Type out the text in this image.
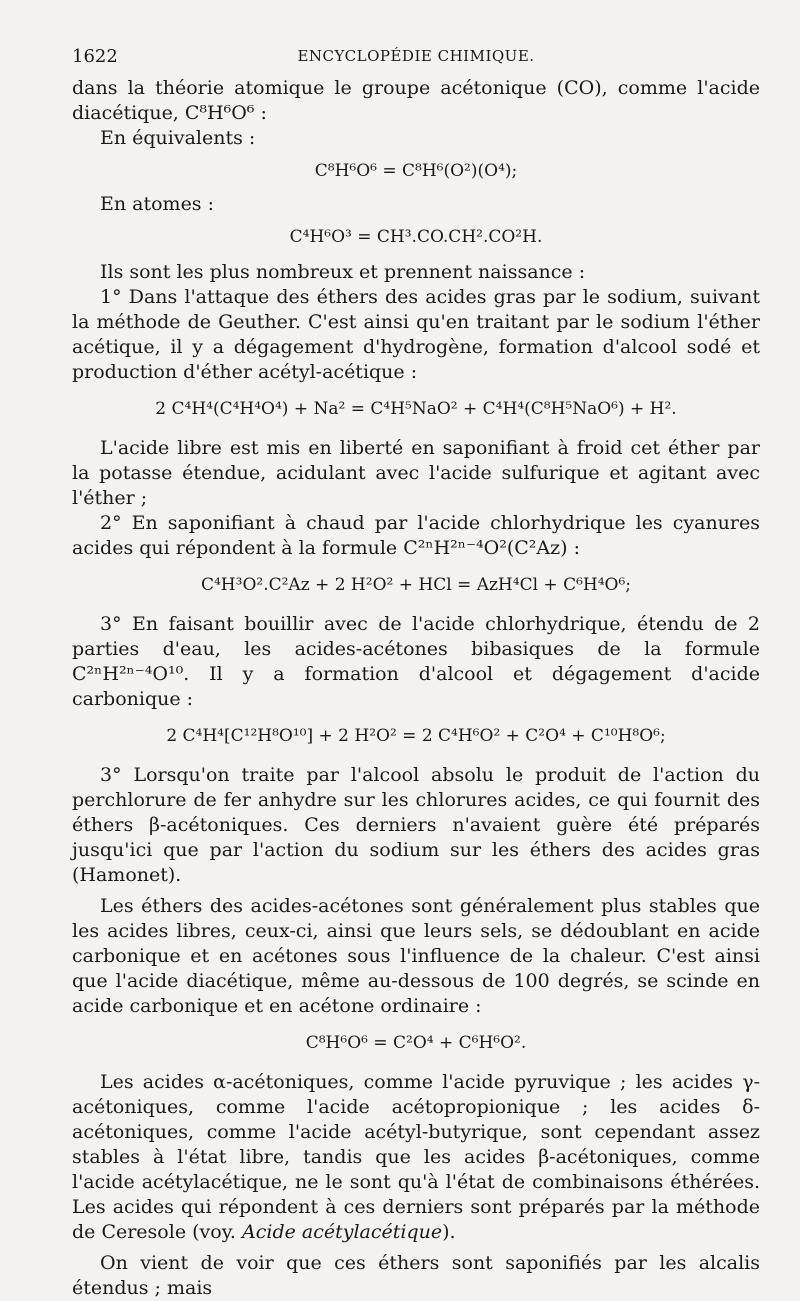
1622	ENCYCLOPÉDIE CHIMIQUE.

dans la théorie atomique le groupe acétonique (CO), comme l'acide diacétique, C⁸H⁶O⁶ :

En équivalents :

C⁸H⁶O⁶ = C⁸H⁶(O²)(O⁴);

En atomes :

C⁴H⁶O³ = CH³.CO.CH².CO²H.

Ils sont les plus nombreux et prennent naissance :

1° Dans l'attaque des éthers des acides gras par le sodium, suivant la méthode de Geuther. C'est ainsi qu'en traitant par le sodium l'éther acétique, il y a dégagement d'hydrogène, formation d'alcool sodé et production d'éther acétyl-acétique :

2 C⁴H⁴(C⁴H⁴O⁴) + Na² = C⁴H⁵NaO² + C⁴H⁴(C⁸H⁵NaO⁶) + H².

L'acide libre est mis en liberté en saponifiant à froid cet éther par la potasse étendue, acidulant avec l'acide sulfurique et agitant avec l'éther ;

2° En saponifiant à chaud par l'acide chlorhydrique les cyanures acides qui répondent à la formule C²ⁿH²ⁿ⁻⁴O²(C²Az) :

C⁴H³O².C²Az + 2 H²O² + HCl = AzH⁴Cl + C⁶H⁴O⁶;

3° En faisant bouillir avec de l'acide chlorhydrique, étendu de 2 parties d'eau, les acides-acétones bibasiques de la formule C²ⁿH²ⁿ⁻⁴O¹⁰. Il y a formation d'alcool et dégagement d'acide carbonique :

2 C⁴H⁴[C¹²H⁸O¹⁰] + 2 H²O² = 2 C⁴H⁶O² + C²O⁴ + C¹⁰H⁸O⁶;

3° Lorsqu'on traite par l'alcool absolu le produit de l'action du perchlorure de fer anhydre sur les chlorures acides, ce qui fournit des éthers β-acétoniques. Ces derniers n'avaient guère été préparés jusqu'ici que par l'action du sodium sur les éthers des acides gras (Hamonet).

Les éthers des acides-acétones sont généralement plus stables que les acides libres, ceux-ci, ainsi que leurs sels, se dédoublant en acide carbonique et en acétones sous l'influence de la chaleur. C'est ainsi que l'acide diacétique, même au-dessous de 100 degrés, se scinde en acide carbonique et en acétone ordinaire :

C⁸H⁶O⁶ = C²O⁴ + C⁶H⁶O².

Les acides α-acétoniques, comme l'acide pyruvique ; les acides γ-acétoniques, comme l'acide acétopropionique ; les acides δ-acétoniques, comme l'acide acétyl-butyrique, sont cependant assez stables à l'état libre, tandis que les acides β-acétoniques, comme l'acide acétylacétique, ne le sont qu'à l'état de combinaisons éthérées. Les acides qui répondent à ces derniers sont préparés par la méthode de Ceresole (voy. Acide acétylacétique).

On vient de voir que ces éthers sont saponifiés par les alcalis étendus ; mais
